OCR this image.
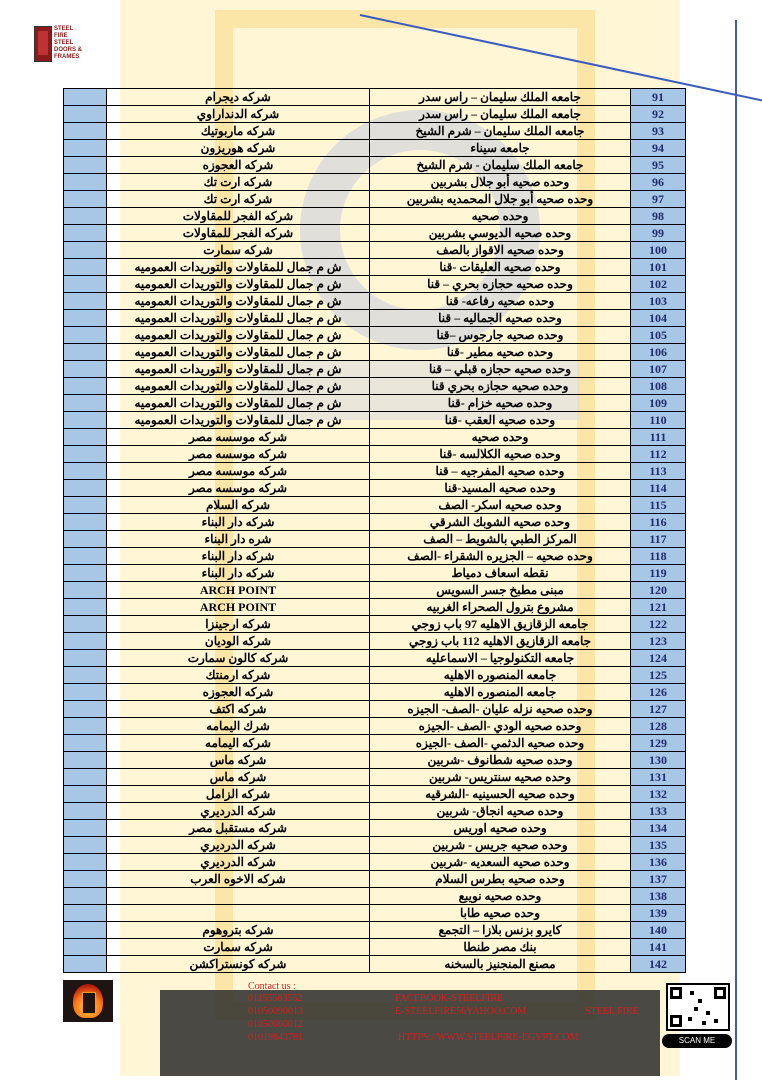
STEEL FIRE STEEL DOORS & FRAMES
	شركه ديجرام	جامعه الملك سليمان – راس سدر	91
	شركه الدنداراوي	جامعه الملك سليمان – راس سدر	92
	شركه ماربوتيك	جامعه الملك سليمان – شرم الشيخ	93
	شركه هوريزون	جامعه سيناء	94
	شركه العجوزه	جامعه الملك سليمان - شرم الشيخ	95
	شركه ارت تك	وحده صحيه أبو جلال بشربين	96
	شركه ارت تك	وحده صحيه أبو جلال المحمديه بشربين	97
	شركه الفجر للمقاولات	وحده صحيه	98
	شركه الفجر للمقاولات	وحده صحيه الديوسي بشربين	99
	شركه سمارت	وحده صحيه الاقواز بالصف	100
	ش م جمال للمقاولات والتوريدات العموميه	وحده صحيه العليقات -قنا	101
	ش م جمال للمقاولات والتوريدات العموميه	وحده صحيه حجازه بحري – قنا	102
	ش م جمال للمقاولات والتوريدات العموميه	وحده صحيه رفاعه- قنا	103
	ش م جمال للمقاولات والتوريدات العموميه	وحده صحيه الجماليه – قنا	104
	ش م جمال للمقاولات والتوريدات العموميه	وحده صحيه جارجوس –قنا	105
	ش م جمال للمقاولات والتوريدات العموميه	وحده صحيه مطير -قنا	106
	ش م جمال للمقاولات والتوريدات العموميه	وحده صحيه حجازه قبلي – قنا	107
	ش م جمال للمقاولات والتوريدات العموميه	وحده صحيه حجازه بحري قنا	108
	ش م جمال للمقاولات والتوريدات العموميه	وحده صحيه خزام -قنا	109
	ش م جمال للمقاولات والتوريدات العموميه	وحده صحيه العقب -قنا	110
	شركه موسسه مصر	وحده صحيه	111
	شركه موسسه مصر	وحده صحيه الكلالسه -قنا	112
	شركه موسسه مصر	وحده صحيه المفرجيه – قنا	113
	شركه موسسه مصر	وحده صحيه المسيد-قنا	114
	شركه السلام	وحده صحيه اسكر- الصف	115
	شركه دار البناء	وحده صحيه الشوبك الشرقي	116
	شره دار البناء	المركز الطبي بالشويط – الصف	117
	شركه دار البناء	وحده صحيه – الجزيره الشقراء -الصف	118
	شركه دار البناء	نقطه اسعاف دمياط	119
	ARCH POINT	مبنى مطبخ جسر السويس	120
	ARCH POINT	مشروع بترول الصحراء الغربيه	121
	شركه ارجينزا	جامعه الزقازيق الاهليه 97 باب زوجي	122
	شركه الوديان	جامعه الزقازيق الاهليه 112 باب زوجي	123
	شركه كالون سمارت	جامعه التكنولوجيا – الاسماعليه	124
	شركه ارمنتك	جامعه المنصوره الاهليه	125
	شركه العجوزه	جامعه المنصوره الاهليه	126
	شركه اكتف	وحده صحيه نزله عليان -الصف- الجيزه	127
	شرك اليمامه	وحده صحيه الودي -الصف -الجيزه	128
	شركه اليمامه	وحده صحيه الدثمي -الصف -الجيزه	129
	شركه ماس	وحده صحيه شطانوف -شربين	130
	شركه ماس	وحده صحيه سنتريس- شربين	131
	شركه الزامل	وحده صحيه الحسينيه -الشرقيه	132
	شركه الدرديري	وحده صحيه انجاق- شربين	133
	شركه مستقبل مصر	وحده صحيه اوريس	134
	شركه الدرديري	وحده صحيه جريس - شربين	135
	شركه الدرديري	وحده صحيه السعديه -شربين	136
	شركه الاخوه العرب	وحده صحيه بطرس السلام	137
		وحده صحيه نويبع	138
		وحده صحيه طابا	139
	شركه بتروهوم	كايرو بزنس بلازا – التجمع	140
	شركه سمارت	بنك مصر طنطا	141
	شركه كونستراكشن	مصنع المنجنيز بالسخنه	142
Contact us :
01155563552
01050090013
01050080012
01019843781
FACEBOOK-STEELFIRE
E-STEELFIRE56YAHOO.COM	STEEL FIRE
HTTPS://WWW.STEELFIRE-EGYPT.COM	SCAN ME
